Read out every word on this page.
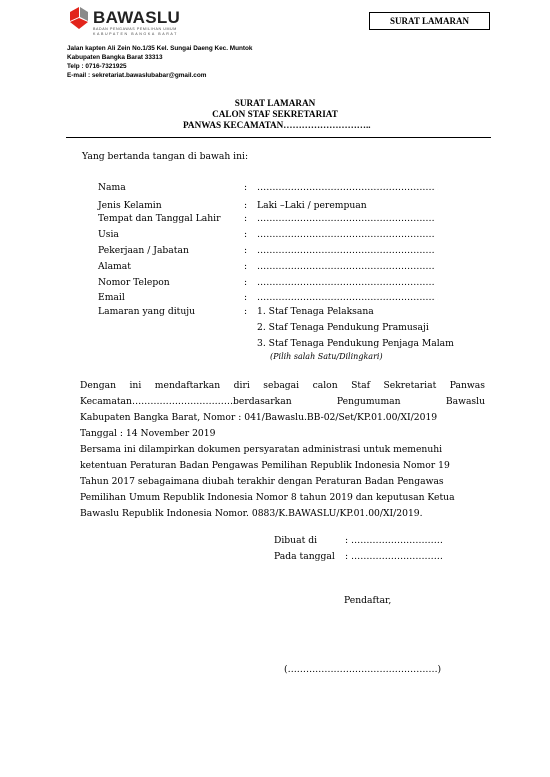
BAWASLU
BADAN PENGAWAS PEMILIHAN UMUM
KABUPATEN BANGKA BARAT
SURAT LAMARAN
Jalan kapten Ali Zein No.1/35 Kel. Sungai Daeng Kec. Muntok
Kabupaten Bangka Barat 33313
Telp : 0716-7321925
E-mail : sekretariat.bawaslubabar@gmail.com
SURAT LAMARAN
CALON STAF SEKRETARIAT
PANWAS KECAMATAN………………………..
Yang bertanda tangan di bawah ini:
Nama	: ………………………………………………….
Jenis Kelamin	: Laki –Laki / perempuan
Tempat dan Tanggal Lahir	: ………………………………………………….
Usia	: ………………………………………………….
Pekerjaan / Jabatan	: ………………………………………………….
Alamat	: ………………………………………………….
Nomor Telepon	: ………………………………………………….
Email	: ………………………………………………….
Lamaran yang dituju	: 1. Staf Tenaga Pelaksana
2. Staf Tenaga Pendukung Pramusaji
3. Staf Tenaga Pendukung Penjaga Malam
(Pilih salah Satu/Dilingkari)
Dengan ini mendaftarkan diri sebagai calon Staf Sekretariat Panwas
Kecamatan……………………………berdasarkan Pengumuman Bawaslu
Kabupaten Bangka Barat, Nomor : 041/Bawaslu.BB-02/Set/KP.01.00/XI/2019
Tanggal : 14 November 2019
Bersama ini dilampirkan dokumen persyaratan administrasi untuk memenuhi
ketentuan Peraturan Badan Pengawas Pemilihan Republik Indonesia Nomor 19
Tahun 2017 sebagaimana diubah terakhir dengan Peraturan Badan Pengawas
Pemilihan Umum Republik Indonesia Nomor 8 tahun 2019 dan keputusan Ketua
Bawaslu Republik Indonesia Nomor. 0883/K.BAWASLU/KP.01.00/XI/2019.
Dibuat di	: …………………………
Pada tanggal : …………………………
Pendaftar,
(………………………………………….)
